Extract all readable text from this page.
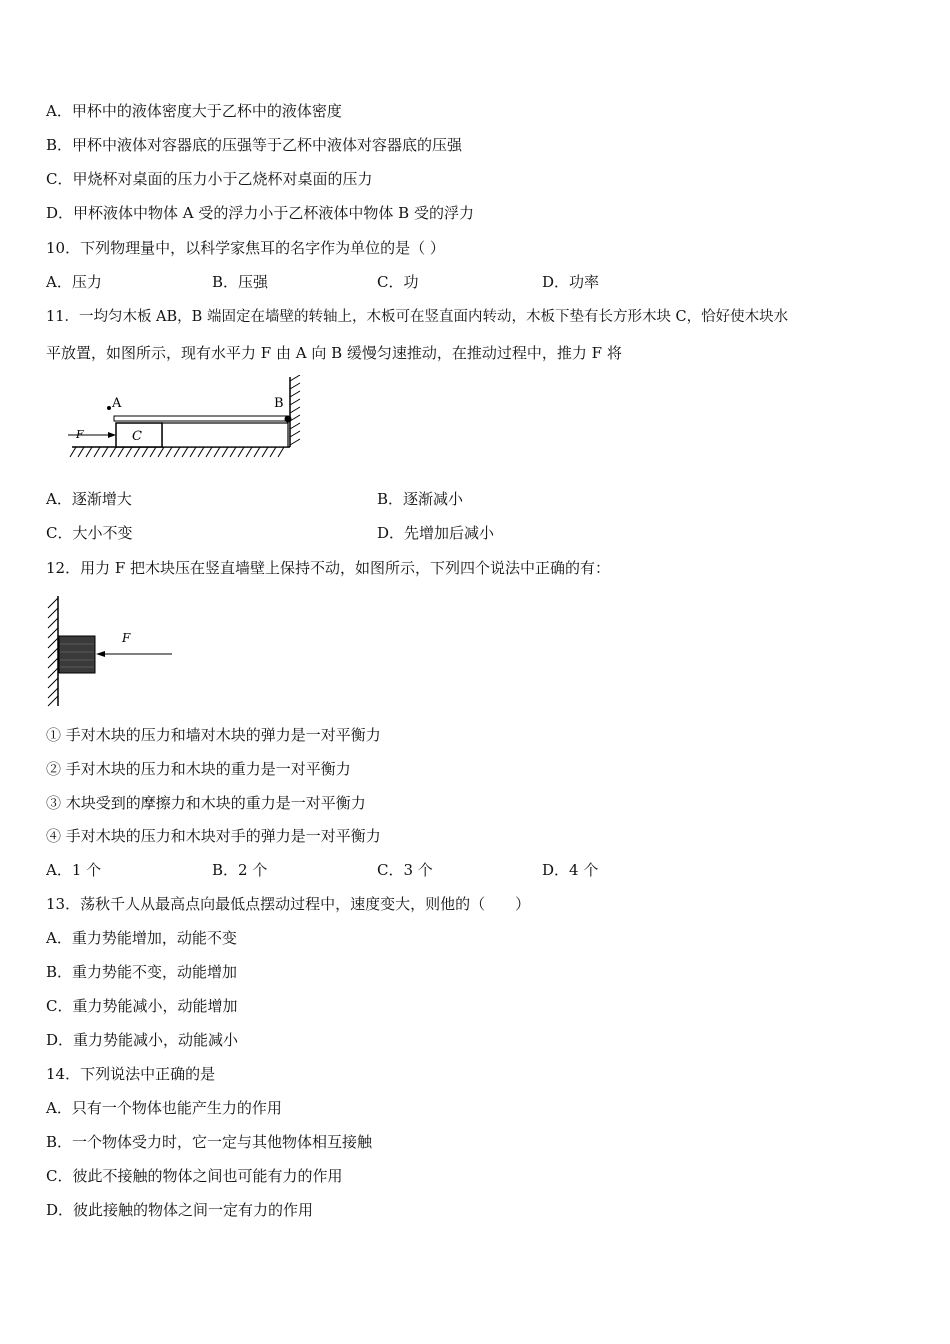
A．甲杯中的液体密度大于乙杯中的液体密度
B．甲杯中液体对容器底的压强等于乙杯中液体对容器底的压强
C．甲烧杯对桌面的压力小于乙烧杯对桌面的压力
D．甲杯液体中物体 A 受的浮力小于乙杯液体中物体 B 受的浮力
10．下列物理量中，以科学家焦耳的名字作为单位的是（ ）
A．压力	B．压强	C．功	D．功率
11．一均匀木板 AB，B 端固定在墙壁的转轴上，木板可在竖直面内转动，木板下垫有长方形木块 C，恰好使木块水
平放置，如图所示，现有水平力 F 由 A 向 B 缓慢匀速推动，在推动过程中，推力 F 将
A	B
C
F
A．逐渐增大	B．逐渐减小
C．大小不变	D．先增加后减小
12．用力 F 把木块压在竖直墙壁上保持不动，如图所示，下列四个说法中正确的有：
F
① 手对木块的压力和墙对木块的弹力是一对平衡力
② 手对木块的压力和木块的重力是一对平衡力
③ 木块受到的摩擦力和木块的重力是一对平衡力
④ 手对木块的压力和木块对手的弹力是一对平衡力
A．1 个	B．2 个	C．3 个	D．4 个
13．荡秋千人从最高点向最低点摆动过程中，速度变大，则他的（　　）
A．重力势能增加，动能不变
B．重力势能不变，动能增加
C．重力势能减小，动能增加
D．重力势能减小，动能减小
14．下列说法中正确的是
A．只有一个物体也能产生力的作用
B．一个物体受力时，它一定与其他物体相互接触
C．彼此不接触的物体之间也可能有力的作用
D．彼此接触的物体之间一定有力的作用
